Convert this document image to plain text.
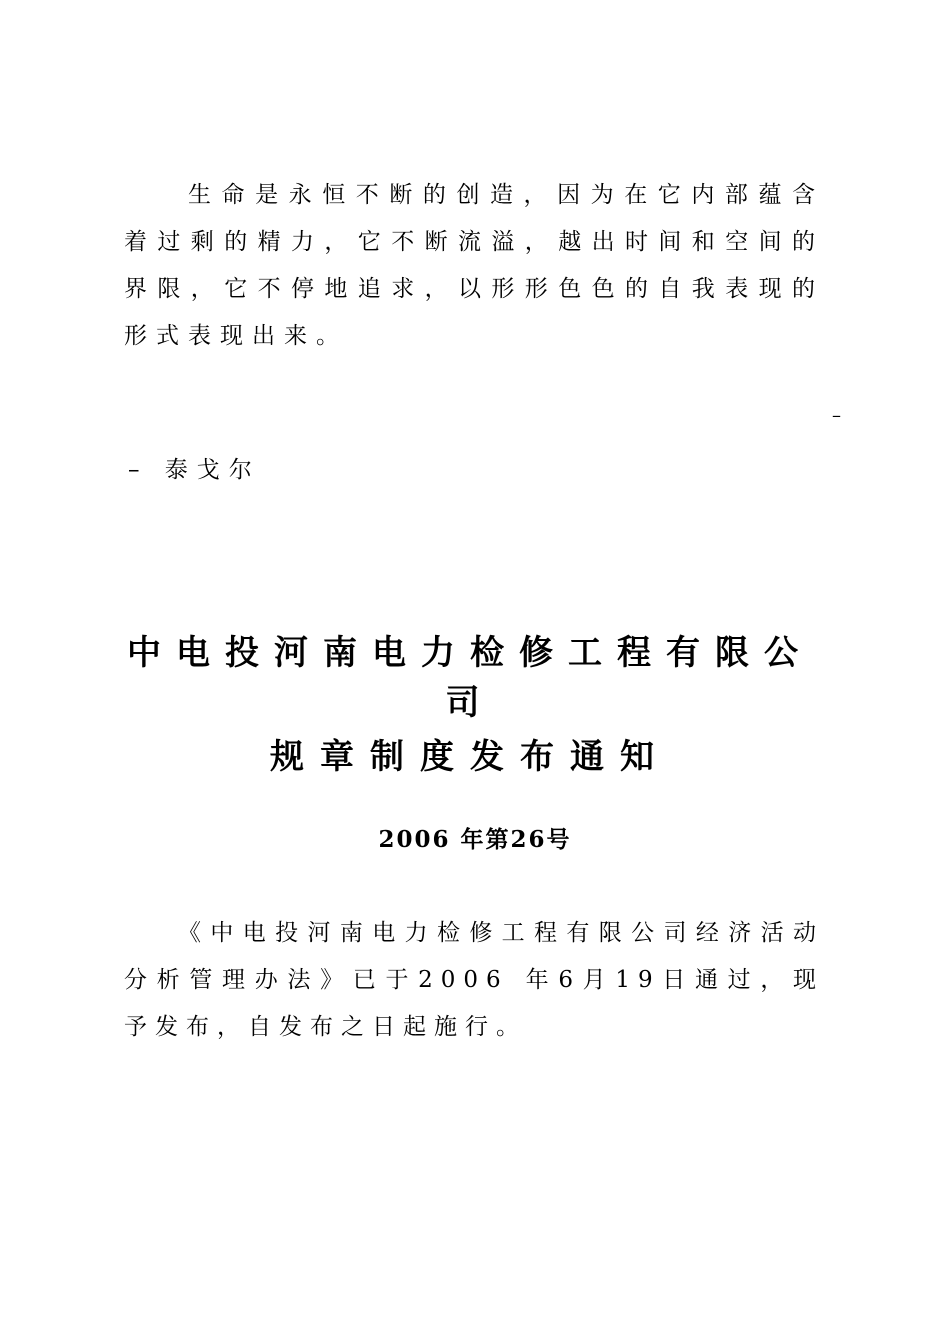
生命是永恒不断的创造，因为在它内部蕴含着过剩的精力，它不断流溢，越出时间和空间的界限，它不停地追求，以形形色色的自我表现的形式表现出来。

–
– 泰戈尔
中电投河南电力检修工程有限公司
规章制度发布通知
2006 年第26号

《中电投河南电力检修工程有限公司经济活动分析管理办法》已于2006 年6月19日通过，现予发布，自发布之日起施行。
